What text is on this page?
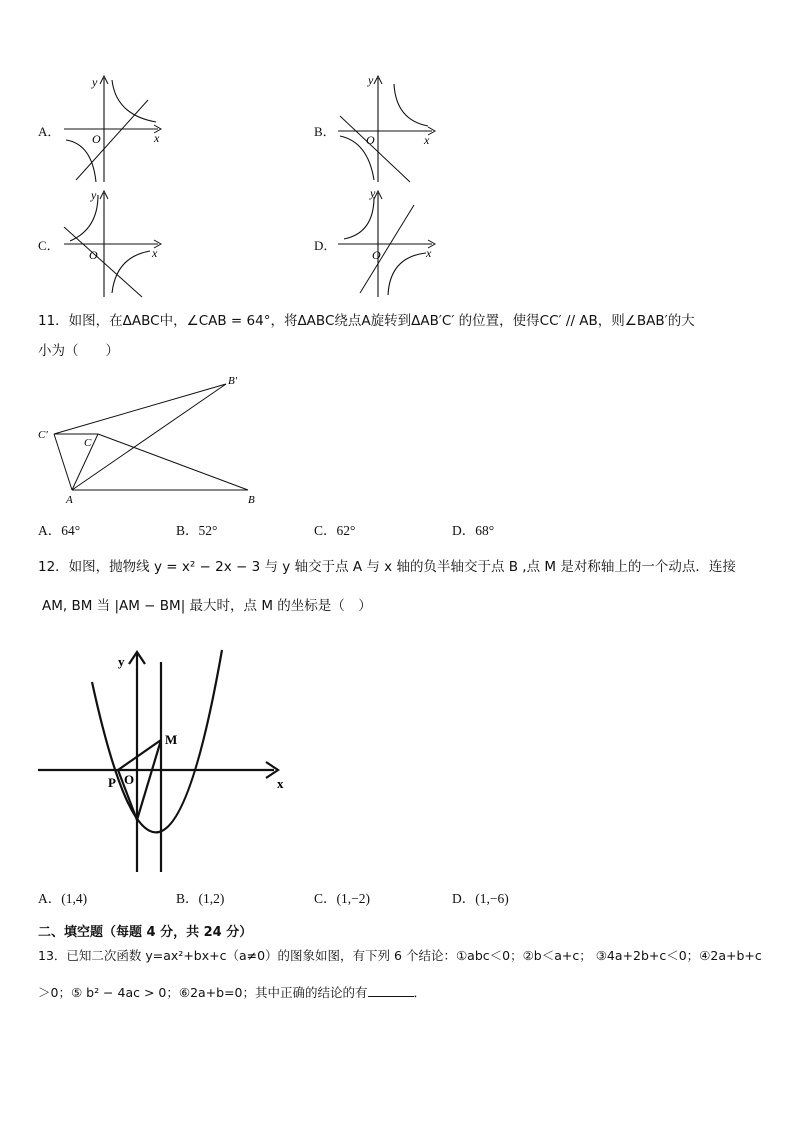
A．
y
x
O	B．
y
x
O
C．
y
x
O
D．
y
x
O
11．如图，在ΔABC中，∠CAB = 64°，将ΔABC绕点A旋转到ΔAB′C′ 的位置，使得CC′ // AB，则∠BAB′的大
小为（　　）
B′
C′
C
A	B
A．64°	B．52°	C．62°	D．68°
12．如图，抛物线 y = x² − 2x − 3 与 y 轴交于点 A 与 x 轴的负半轴交于点 B ,点 M 是对称轴上的一个动点．连接
AM, BM 当 |AM − BM| 最大时，点 M 的坐标是（　）
y
x
M
P O
A．(1,4)	B．(1,2)	C．(1,−2)	D．(1,−6)
二、填空题（每题 4 分，共 24 分）
13．已知二次函数 y=ax²+bx+c（a≠0）的图象如图，有下列 6 个结论：①abc＜0；②b＜a+c； ③4a+2b+c＜0；④2a+b+c
＞0；⑤ b² − 4ac > 0；⑥2a+b=0；其中正确的结论的有	．
